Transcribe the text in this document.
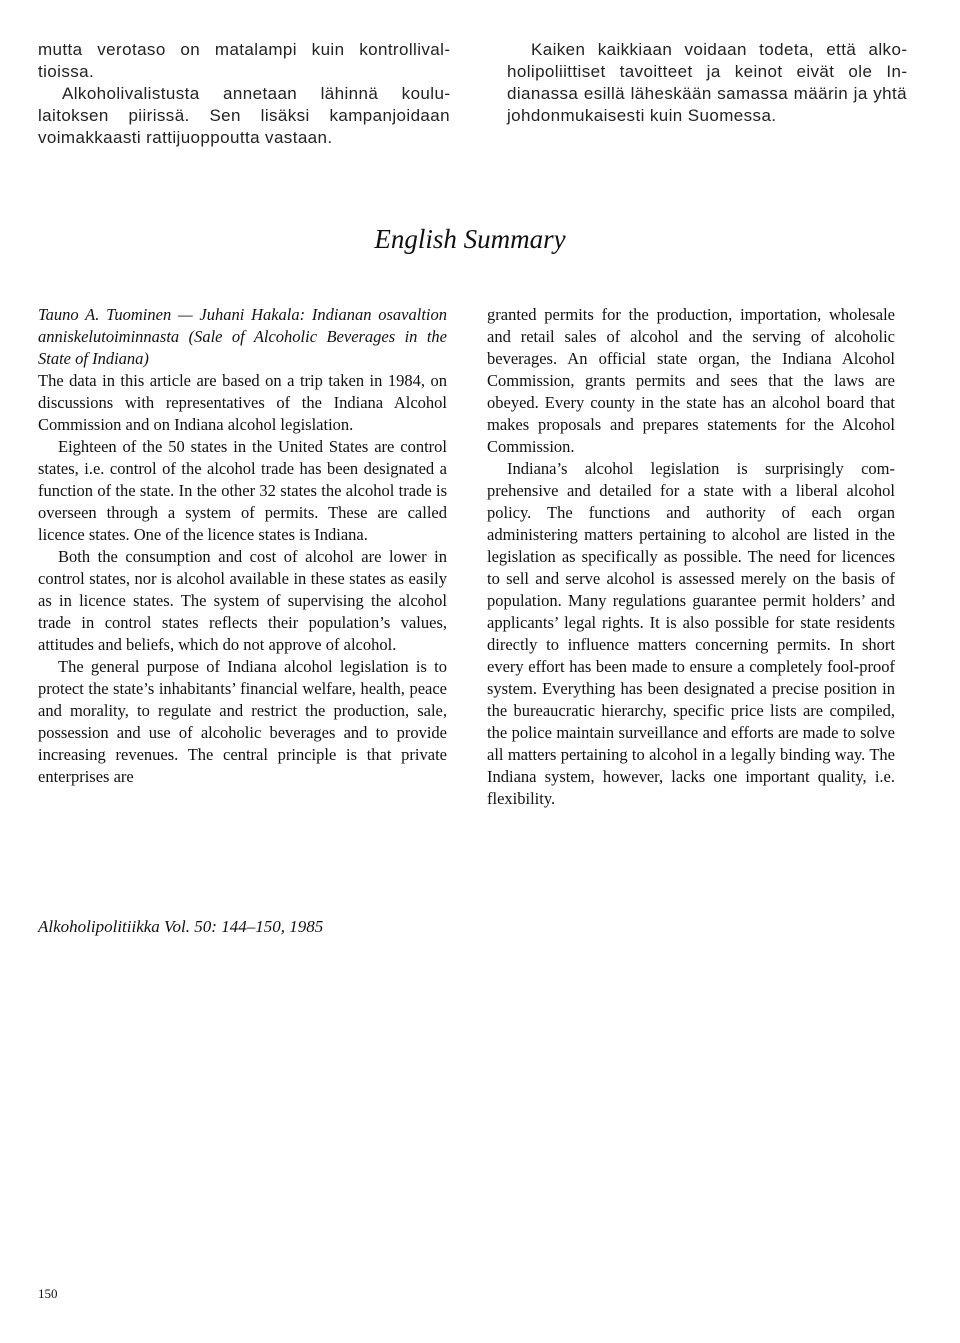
mutta verotaso on matalampi kuin kontrollivaltioissa.

Alkoholivalistusta annetaan lähinnä koululaitoksen piirissä. Sen lisäksi kampanjoidaan voimakkaasti rattijuoppoutta vastaan.

Kaiken kaikkiaan voidaan todeta, että alkoholipoliittiset tavoitteet ja keinot eivät ole Indianassa esillä läheskään samassa määrin ja yhtä johdonmukaisesti kuin Suomessa.

English Summary

Tauno A. Tuominen — Juhani Hakala: Indianan osavaltion anniskelutoiminnasta (Sale of Alcoholic Beverages in the State of Indiana)

The data in this article are based on a trip taken in 1984, on discussions with representatives of the Indiana Alcohol Commission and on Indiana alcohol legislation.

Eighteen of the 50 states in the United States are control states, i.e. control of the alcohol trade has been designated a function of the state. In the other 32 states the alcohol trade is overseen through a system of permits. These are called licence states. One of the licence states is Indiana.

Both the consumption and cost of alcohol are lower in control states, nor is alcohol available in these states as easily as in licence states. The system of supervising the alcohol trade in control states reflects their population’s values, attitudes and beliefs, which do not approve of alcohol.

The general purpose of Indiana alcohol legislation is to protect the state’s inhabitants’ financial welfare, health, peace and morality, to regulate and restrict the production, sale, possession and use of alcoholic beverages and to provide increasing revenues. The central principle is that private enterprises are

granted permits for the production, importation, wholesale and retail sales of alcohol and the serving of alcoholic beverages. An official state organ, the Indiana Alcohol Commission, grants permits and sees that the laws are obeyed. Every county in the state has an alcohol board that makes proposals and prepares statements for the Alcohol Commission.

Indiana’s alcohol legislation is surprisingly comprehensive and detailed for a state with a liberal alcohol policy. The functions and authority of each organ administering matters pertaining to alcohol are listed in the legislation as specifically as possible. The need for licences to sell and serve alcohol is assessed merely on the basis of population. Many regulations guarantee permit holders’ and applicants’ legal rights. It is also possible for state residents directly to influence matters concerning permits. In short every effort has been made to ensure a completely fool-proof system. Everything has been designated a precise position in the bureaucratic hierarchy, specific price lists are compiled, the police maintain surveillance and efforts are made to solve all matters pertaining to alcohol in a legally binding way. The Indiana system, however, lacks one important quality, i.e. flexibility.

Alkoholipolitiikka Vol. 50: 144–150, 1985
150
